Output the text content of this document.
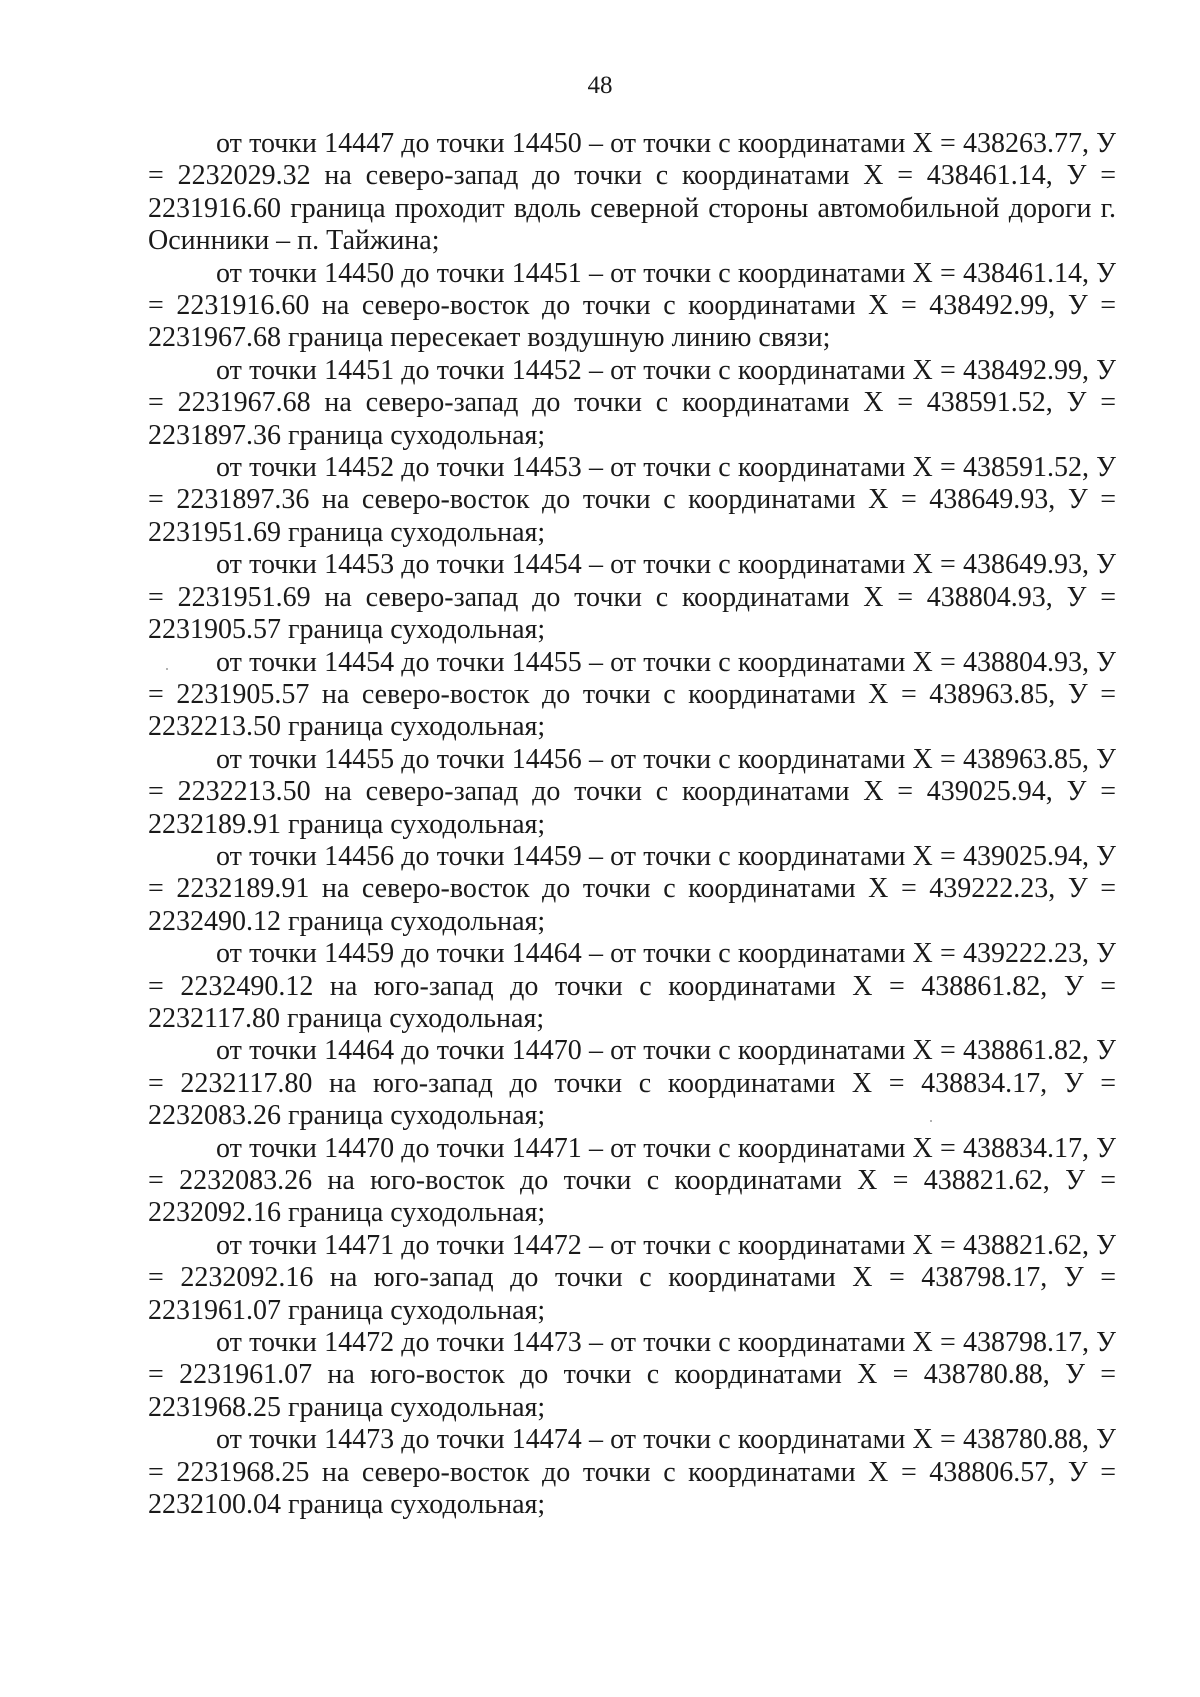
48

от точки 14447 до точки 14450 – от точки с координатами X = 438263.77, У = 2232029.32 на северо-запад до точки с координатами X = 438461.14, У = 2231916.60 граница проходит вдоль северной стороны автомобильной дороги г. Осинники – п. Тайжина;

от точки 14450 до точки 14451 – от точки с координатами X = 438461.14, У = 2231916.60 на северо-восток до точки с координатами X = 438492.99, У = 2231967.68 граница пересекает воздушную линию связи;

от точки 14451 до точки 14452 – от точки с координатами X = 438492.99, У = 2231967.68 на северо-запад до точки с координатами X = 438591.52, У = 2231897.36 граница суходольная;

от точки 14452 до точки 14453 – от точки с координатами X = 438591.52, У = 2231897.36 на северо-восток до точки с координатами X = 438649.93, У = 2231951.69 граница суходольная;

от точки 14453 до точки 14454 – от точки с координатами X = 438649.93, У = 2231951.69 на северо-запад до точки с координатами X = 438804.93, У = 2231905.57 граница суходольная;

от точки 14454 до точки 14455 – от точки с координатами X = 438804.93, У = 2231905.57 на северо-восток до точки с координатами X = 438963.85, У = 2232213.50 граница суходольная;

от точки 14455 до точки 14456 – от точки с координатами X = 438963.85, У = 2232213.50 на северо-запад до точки с координатами X = 439025.94, У = 2232189.91 граница суходольная;

от точки 14456 до точки 14459 – от точки с координатами X = 439025.94, У = 2232189.91 на северо-восток до точки с координатами X = 439222.23, У = 2232490.12 граница суходольная;

от точки 14459 до точки 14464 – от точки с координатами X = 439222.23, У = 2232490.12 на юго-запад до точки с координатами X = 438861.82, У = 2232117.80 граница суходольная;

от точки 14464 до точки 14470 – от точки с координатами X = 438861.82, У = 2232117.80 на юго-запад до точки с координатами X = 438834.17, У = 2232083.26 граница суходольная;

от точки 14470 до точки 14471 – от точки с координатами X = 438834.17, У = 2232083.26 на юго-восток до точки с координатами X = 438821.62, У = 2232092.16 граница суходольная;

от точки 14471 до точки 14472 – от точки с координатами X = 438821.62, У = 2232092.16 на юго-запад до точки с координатами X = 438798.17, У = 2231961.07 граница суходольная;

от точки 14472 до точки 14473 – от точки с координатами X = 438798.17, У = 2231961.07 на юго-восток до точки с координатами X = 438780.88, У = 2231968.25 граница суходольная;

от точки 14473 до точки 14474 – от точки с координатами X = 438780.88, У = 2231968.25 на северо-восток до точки с координатами X = 438806.57, У = 2232100.04 граница суходольная;
